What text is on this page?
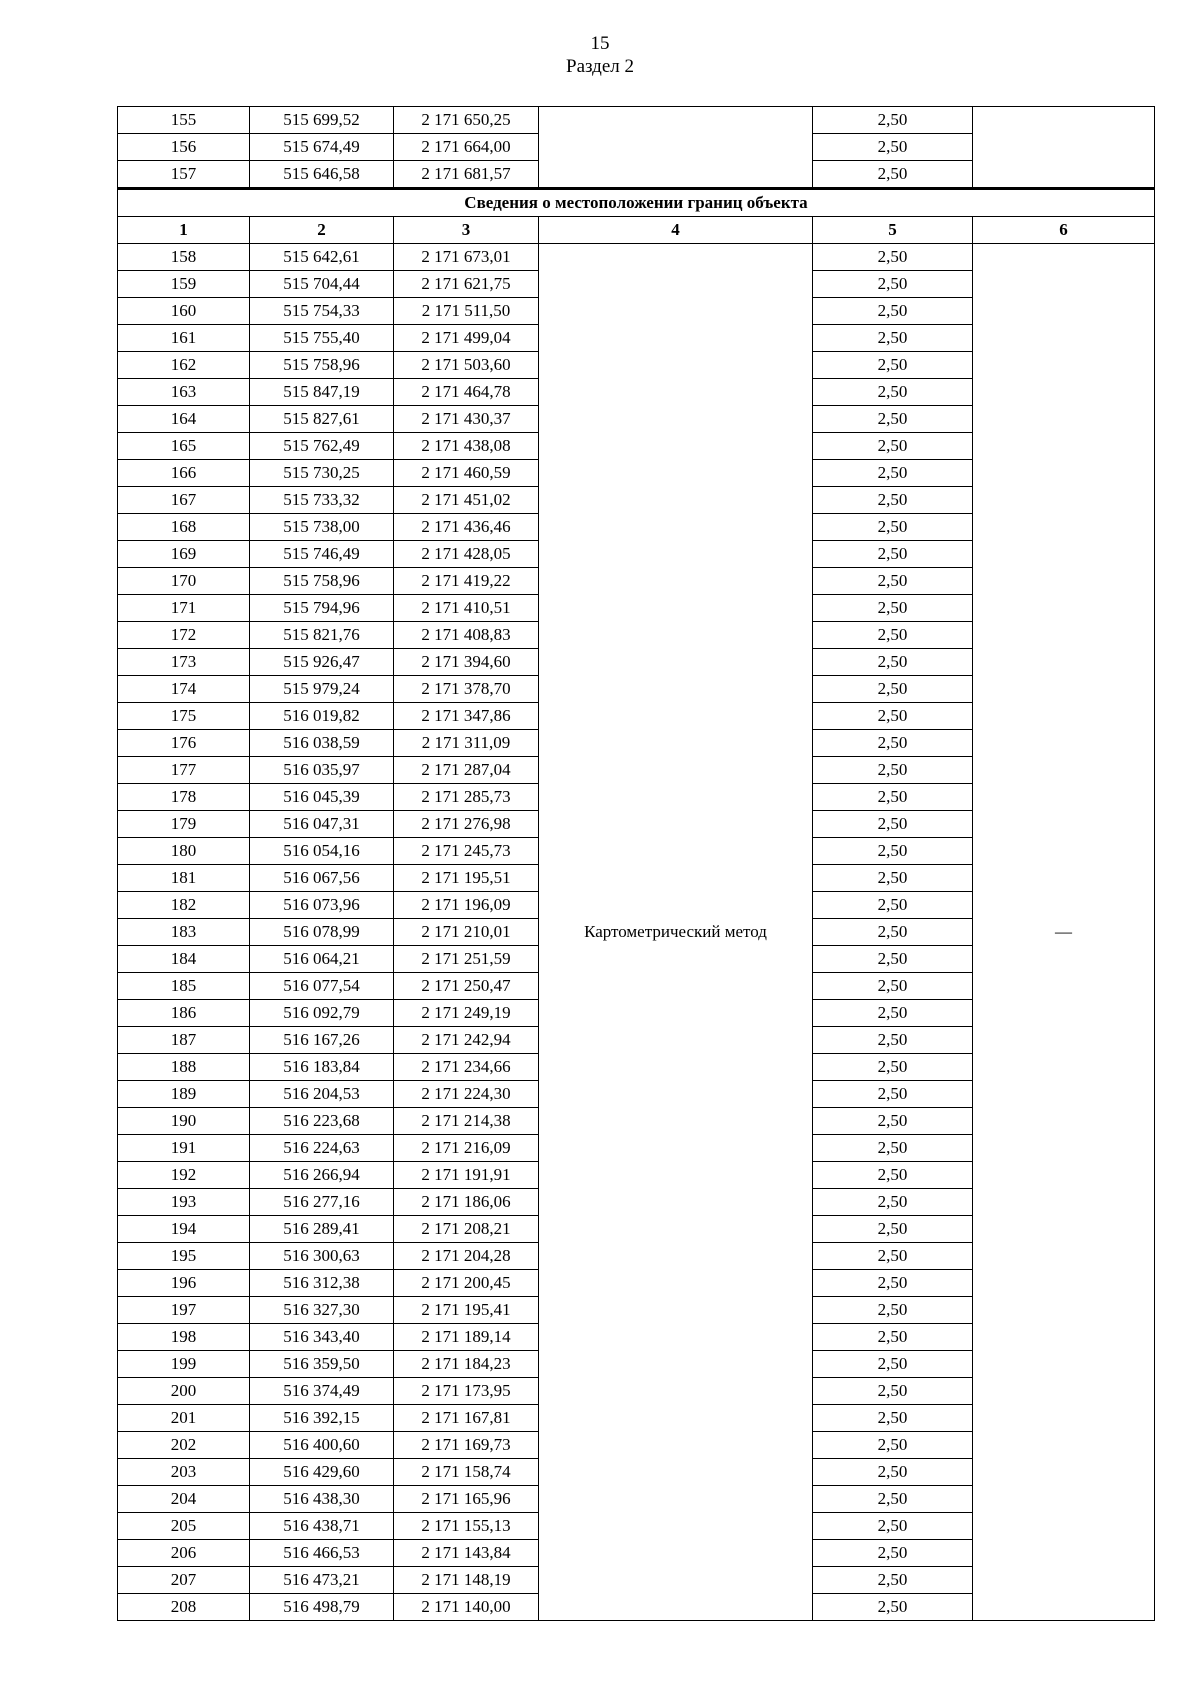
15
Раздел 2
155	515 699,52	2 171 650,25		2,50	
156	515 674,49	2 171 664,00		2,50	
157	515 646,58	2 171 681,57		2,50	
Сведения о местоположении границ объекта					
1	2	3	4	5	6
158	515 642,61	2 171 673,01	Картометрический метод	2,50	—
159	515 704,44	2 171 621,75		2,50	
160	515 754,33	2 171 511,50		2,50	
161	515 755,40	2 171 499,04		2,50	
162	515 758,96	2 171 503,60		2,50	
163	515 847,19	2 171 464,78		2,50	
164	515 827,61	2 171 430,37		2,50	
165	515 762,49	2 171 438,08		2,50	
166	515 730,25	2 171 460,59		2,50	
167	515 733,32	2 171 451,02		2,50	
168	515 738,00	2 171 436,46		2,50	
169	515 746,49	2 171 428,05		2,50	
170	515 758,96	2 171 419,22		2,50	
171	515 794,96	2 171 410,51		2,50	
172	515 821,76	2 171 408,83		2,50	
173	515 926,47	2 171 394,60		2,50	
174	515 979,24	2 171 378,70		2,50	
175	516 019,82	2 171 347,86		2,50	
176	516 038,59	2 171 311,09		2,50	
177	516 035,97	2 171 287,04		2,50	
178	516 045,39	2 171 285,73		2,50	
179	516 047,31	2 171 276,98		2,50	
180	516 054,16	2 171 245,73		2,50	
181	516 067,56	2 171 195,51		2,50	
182	516 073,96	2 171 196,09		2,50	
183	516 078,99	2 171 210,01		2,50	
184	516 064,21	2 171 251,59		2,50	
185	516 077,54	2 171 250,47		2,50	
186	516 092,79	2 171 249,19		2,50	
187	516 167,26	2 171 242,94		2,50	
188	516 183,84	2 171 234,66		2,50	
189	516 204,53	2 171 224,30		2,50	
190	516 223,68	2 171 214,38		2,50	
191	516 224,63	2 171 216,09		2,50	
192	516 266,94	2 171 191,91		2,50	
193	516 277,16	2 171 186,06		2,50	
194	516 289,41	2 171 208,21		2,50	
195	516 300,63	2 171 204,28		2,50	
196	516 312,38	2 171 200,45		2,50	
197	516 327,30	2 171 195,41		2,50	
198	516 343,40	2 171 189,14		2,50	
199	516 359,50	2 171 184,23		2,50	
200	516 374,49	2 171 173,95		2,50	
201	516 392,15	2 171 167,81		2,50	
202	516 400,60	2 171 169,73		2,50	
203	516 429,60	2 171 158,74		2,50	
204	516 438,30	2 171 165,96		2,50	
205	516 438,71	2 171 155,13		2,50	
206	516 466,53	2 171 143,84		2,50	
207	516 473,21	2 171 148,19		2,50	
208	516 498,79	2 171 140,00		2,50	
